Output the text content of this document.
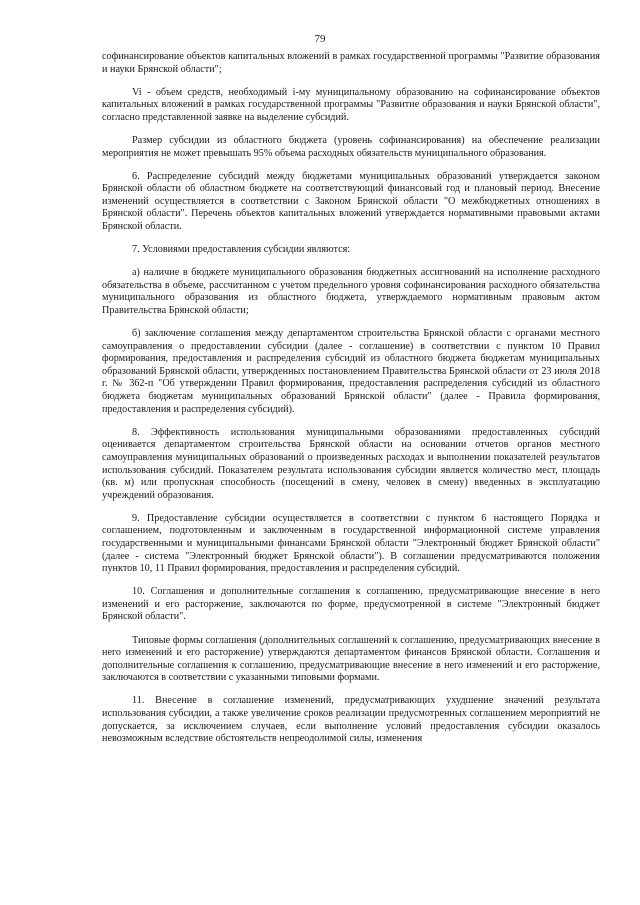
79

софинансирование объектов капитальных вложений в рамках государственной программы "Развитие образования и науки Брянской области";

Vi - объем средств, необходимый i-му муниципальному образованию на софинансирование объектов капитальных вложений в рамках государственной программы "Развитие образования и науки Брянской области", согласно представленной заявке на выделение субсидий.

Размер субсидии из областного бюджета (уровень софинансирования) на обеспечение реализации мероприятия не может превышать 95% объема расходных обязательств муниципального образования.

6. Распределение субсидий между бюджетами муниципальных образований утверждается законом Брянской области об областном бюджете на соответствующий финансовый год и плановый период. Внесение изменений осуществляется в соответствии с Законом Брянской области "О межбюджетных отношениях в Брянской области". Перечень объектов капитальных вложений утверждается нормативными правовыми актами Брянской области.

7. Условиями предоставления субсидии являются:

а) наличие в бюджете муниципального образования бюджетных ассигнований на исполнение расходного обязательства в объеме, рассчитанном с учетом предельного уровня софинансирования расходного обязательства муниципального образования из областного бюджета, утверждаемого нормативным правовым актом Правительства Брянской области;

б) заключение соглашения между департаментом строительства Брянской области с органами местного самоуправления о предоставлении субсидии (далее - соглашение) в соответствии с пунктом 10 Правил формирования, предоставления и распределения субсидий из областного бюджета бюджетам муниципальных образований Брянской области, утвержденных постановлением Правительства Брянской области от 23 июля 2018 г. № 362-п "Об утверждении Правил формирования, предоставления распределения субсидий из областного бюджета бюджетам муниципальных образований Брянской области" (далее - Правила формирования, предоставления и распределения субсидий).

8. Эффективность использования муниципальными образованиями предоставленных субсидий оценивается департаментом строительства Брянской области на основании отчетов органов местного самоуправления муниципальных образований о произведенных расходах и выполнении показателей результатов использования субсидий. Показателем результата использования субсидии является количество мест, площадь (кв. м) или пропускная способность (посещений в смену, человек в смену) введенных в эксплуатацию учреждений образования.

9. Предоставление субсидии осуществляется в соответствии с пунктом 6 настоящего Порядка и соглашением, подготовленным и заключенным в государственной информационной системе управления государственными и муниципальными финансами Брянской области "Электронный бюджет Брянской области" (далее - система "Электронный бюджет Брянской области"). В соглашении предусматриваются положения пунктов 10, 11 Правил формирования, предоставления и распределения субсидий.

10. Соглашения и дополнительные соглашения к соглашению, предусматривающие внесение в него изменений и его расторжение, заключаются по форме, предусмотренной в системе "Электронный бюджет Брянской области".

Типовые формы соглашения (дополнительных соглашений к соглашению, предусматривающих внесение в него изменений и его расторжение) утверждаются департаментом финансов Брянской области. Соглашения и дополнительные соглашения к соглашению, предусматривающие внесение в него изменений и его расторжение, заключаются в соответствии с указанными типовыми формами.

11. Внесение в соглашение изменений, предусматривающих ухудшение значений результата использования субсидии, а также увеличение сроков реализации предусмотренных соглашением мероприятий не допускается, за исключением случаев, если выполнение условий предоставления субсидии оказалось невозможным вследствие обстоятельств непреодолимой силы, изменения
